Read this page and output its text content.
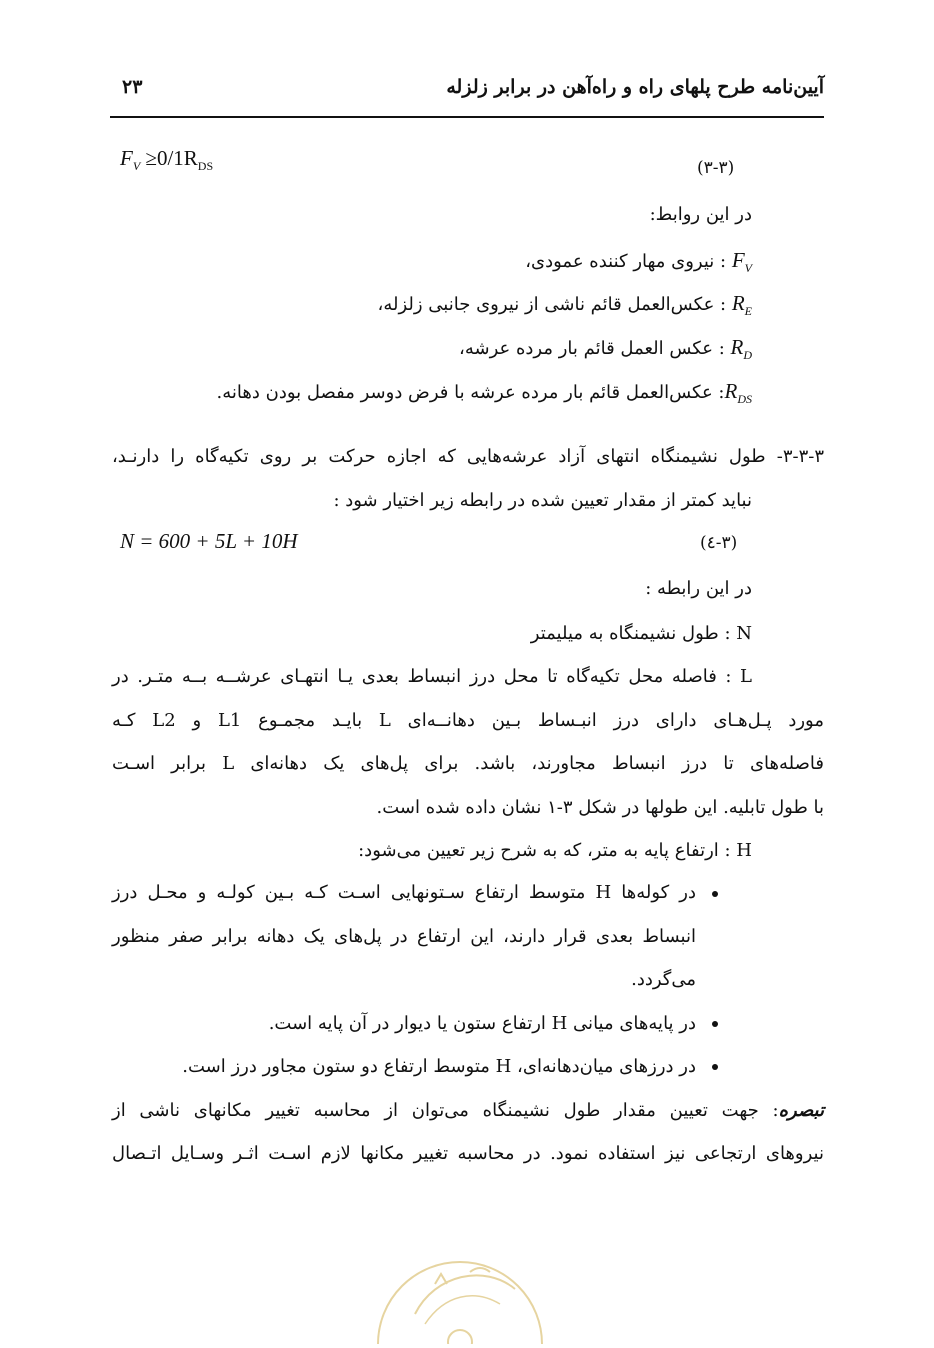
آیین‌نامه طرح پلهای راه و راه‌آهن در برابر زلزله
۲۳
$F_V \ge 0/1R_{DS}$	(۳-۳)
در این روابط:
$F_V$ : نیروی مهار کننده عمودی،
$R_E$ : عکس‌العمل قائم ناشی از نیروی جانبی زلزله،
$R_D$ : عکس العمل قائم بار مرده عرشه،
$R_{DS}$: عکس‌العمل قائم بار مرده عرشه با فرض دوسر مفصل بودن دهانه.
۳-۳-۳- طول نشیمنگاه انتهای آزاد عرشه‌هایی که اجازه حرکت بر روی تکیه‌گاه را دارنـد،
نباید کمتر از مقدار تعیین شده در رابطه زیر اختیار شود :
N = 600 + 5L + 10H	(٤-۳)
در این رابطه :
N : طول نشیمنگاه به میلیمتر
L : فاصله محل تکیه‌گاه تا محل درز انبساط بعدی یـا انتهـای عرشــه بــه متـر. در
مورد پـل‌هـای دارای درز انبـساط بـین دهانــه‌ای L بایـد مجمـوع L1 و L2 کـه
فاصله‌های تا درز انبساط مجاورند، باشد. برای پل‌های یک دهانه‌ای L برابر اسـت
با طول تابلیه. این طولها در شکل ۳-۱ نشان داده شده است.
H : ارتفاع پایه به متر، که به شرح زیر تعیین می‌شود:
در کوله‌ها H متوسط ارتفاع سـتونهایی اسـت کـه بـین کولـه و محـل درز
انبساط بعدی قرار دارند، این ارتفاع در پل‌های یک دهانه برابر صفر منظور
می‌گردد.
در پایه‌های میانی H ارتفاع ستون یا دیوار در آن پایه است.
در درزهای میان‌دهانه‌ای، H متوسط ارتفاع دو ستون مجاور درز است.
تبصره: جهت تعیین مقدار طول نشیمنگاه می‌توان از محاسبه تغییر مکانهای ناشی از
نیروهای ارتجاعی نیز استفاده نمود. در محاسبه تغییر مکانها لازم اسـت اثـر وسـایل اتـصال
